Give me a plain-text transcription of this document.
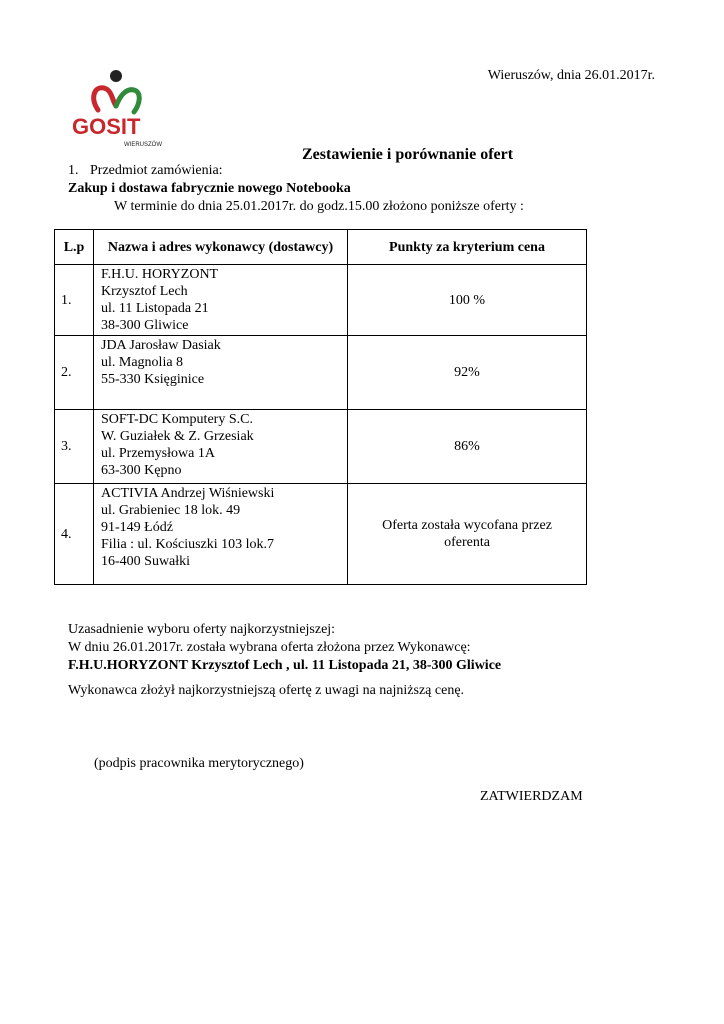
GOSIT
WIERUSZÓW
Wieruszów, dnia 26.01.2017r.
Zestawienie i porównanie ofert
1. Przedmiot zamówienia:
Zakup i dostawa fabrycznie nowego Notebooka
W terminie do dnia 25.01.2017r. do godz.15.00 złożono poniższe oferty :
L.p	Nazwa i adres wykonawcy (dostawcy)	Punkty za kryterium cena
1.	F.H.U. HORYZONT
Krzysztof Lech
ul. 11 Listopada 21
38-300 Gliwice	100 %
2.	JDA Jarosław Dasiak
ul. Magnolia 8
55-330 Księginice	92%
3.	SOFT-DC Komputery S.C.
W. Guziałek & Z. Grzesiak
ul. Przemysłowa 1A
63-300 Kępno	86%
4.	ACTIVIA Andrzej Wiśniewski
ul. Grabieniec 18 lok. 49
91-149 Łódź
Filia : ul. Kościuszki 103 lok.7
16-400 Suwałki	Oferta została wycofana przez oferenta
Uzasadnienie wyboru oferty najkorzystniejszej:
W dniu 26.01.2017r. została wybrana oferta złożona przez Wykonawcę:
F.H.U.HORYZONT Krzysztof Lech , ul. 11 Listopada 21, 38-300 Gliwice
Wykonawca złożył najkorzystniejszą ofertę z uwagi na najniższą cenę.
(podpis pracownika merytorycznego)
ZATWIERDZAM
